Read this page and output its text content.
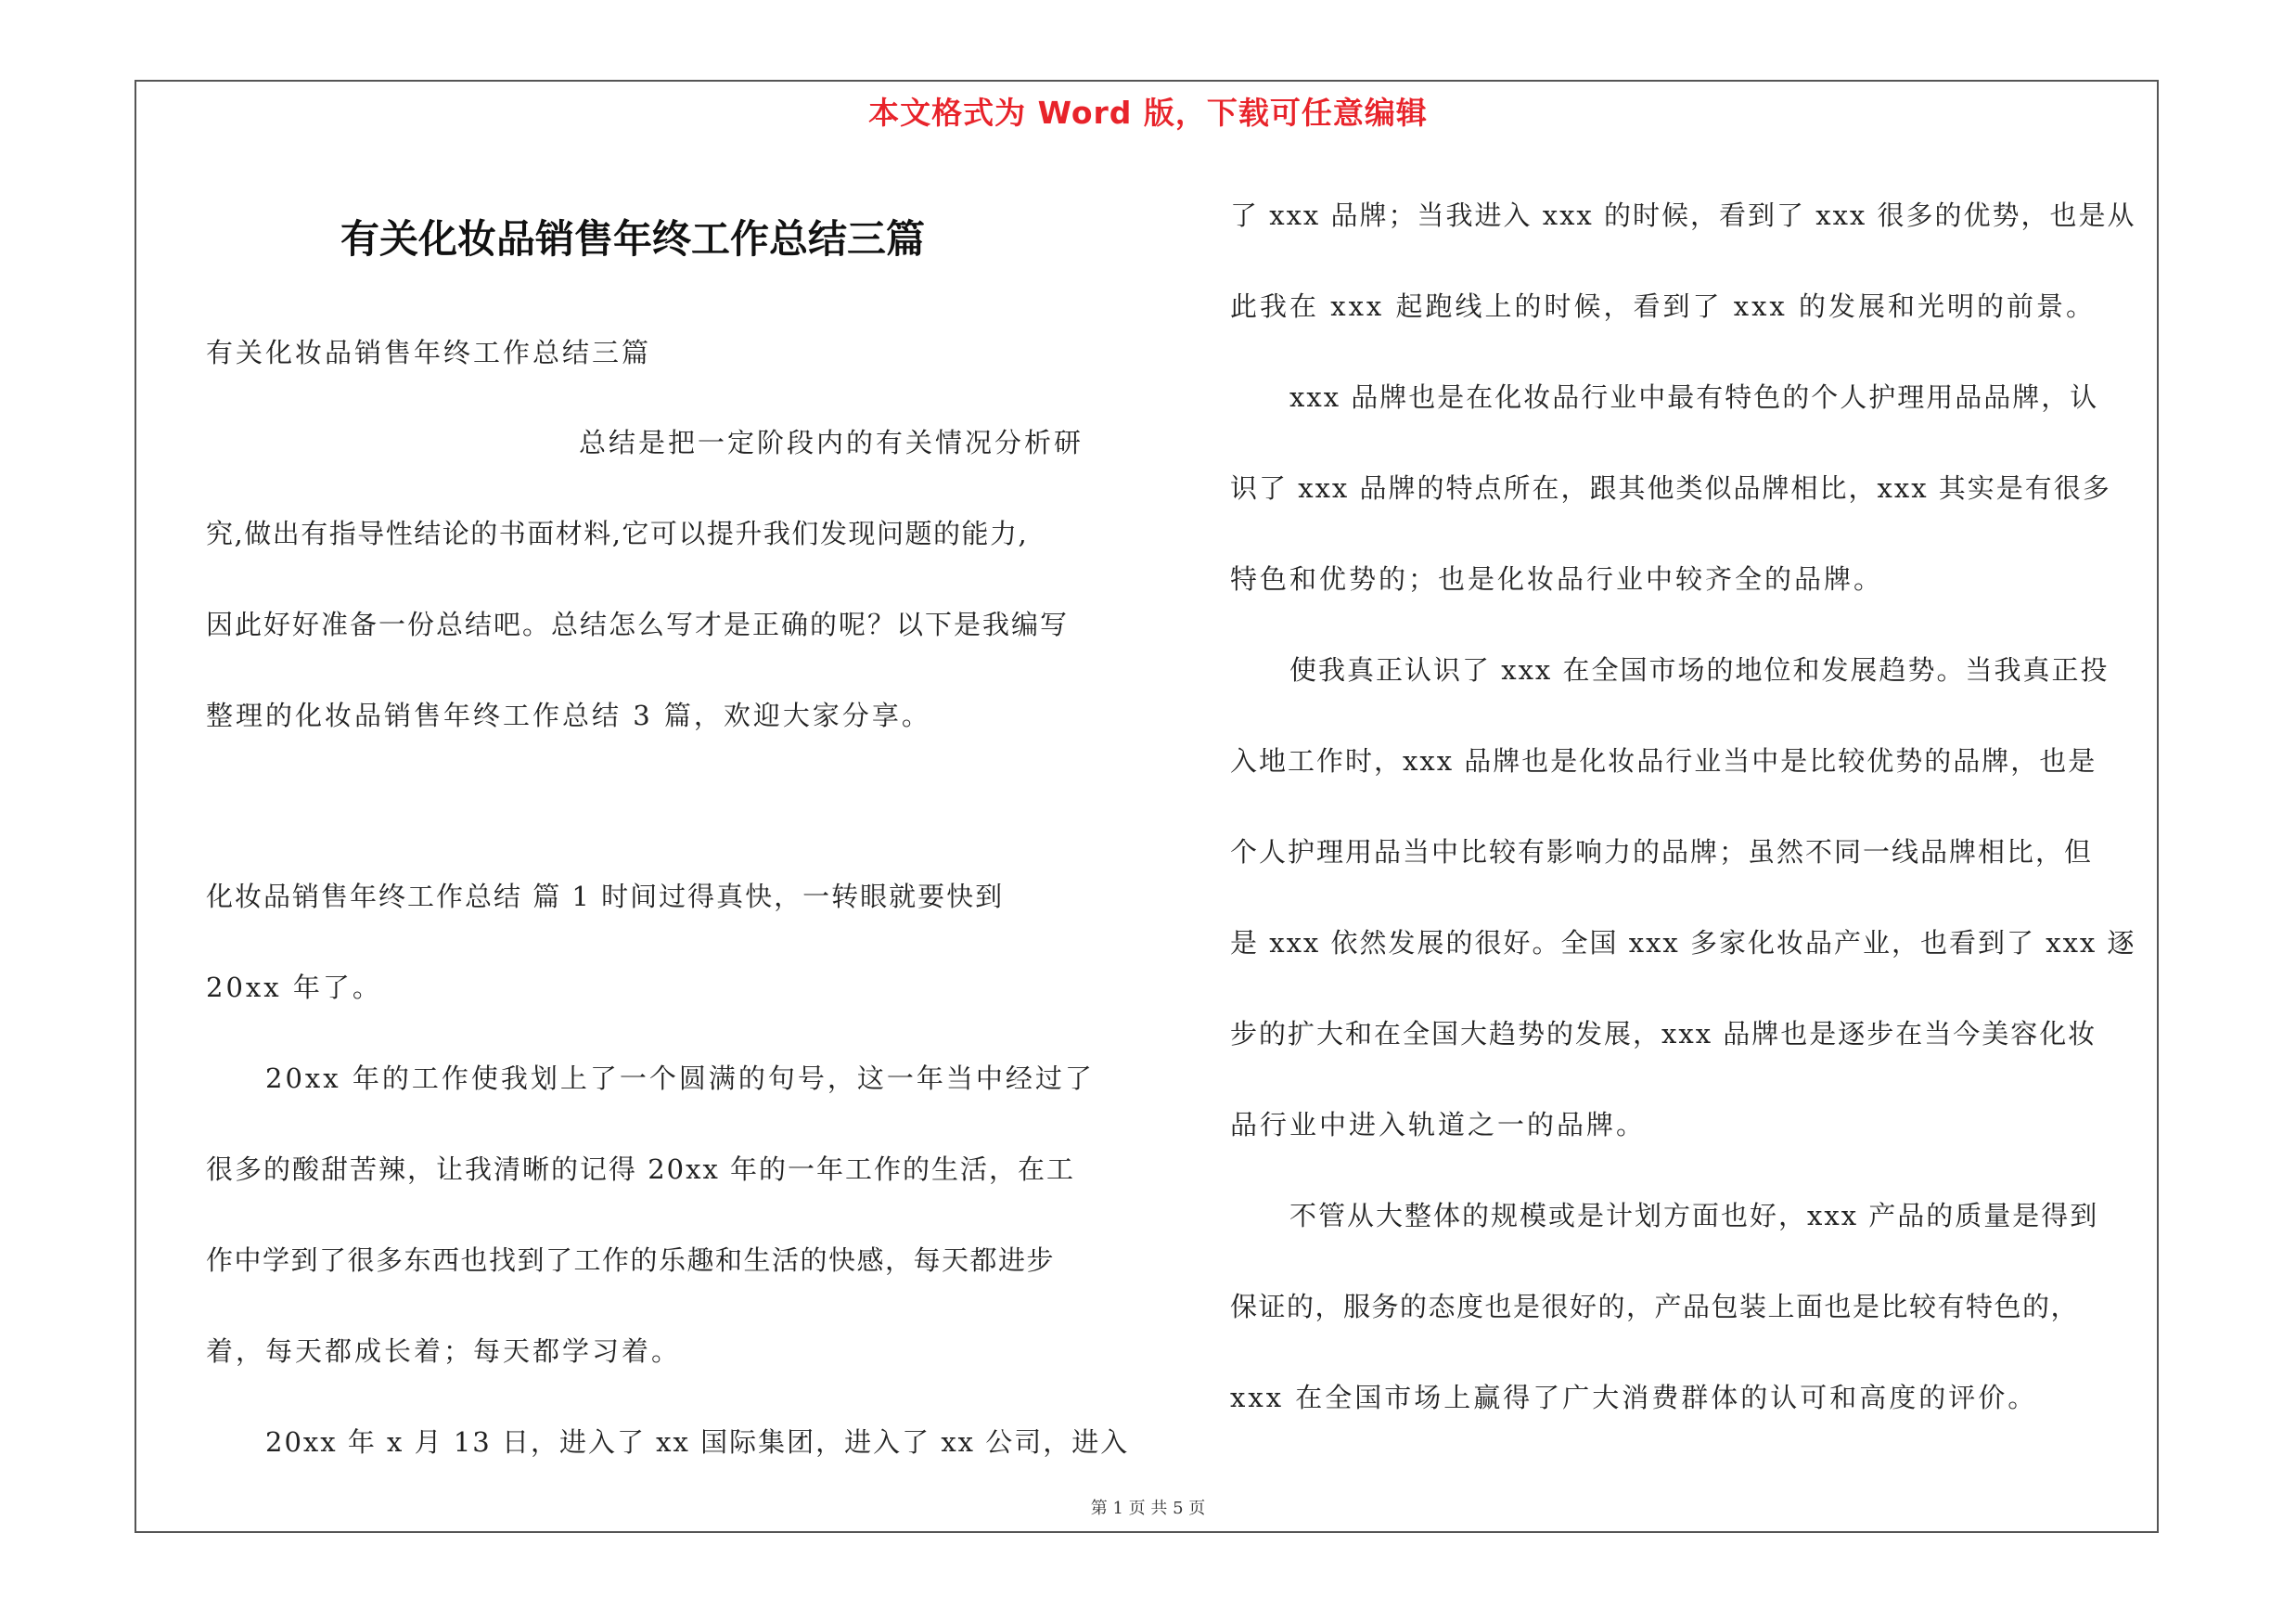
本文格式为 Word 版，下载可任意编辑
有关化妆品销售年终工作总结三篇
有关化妆品销售年终工作总结三篇
总结是把一定阶段内的有关情况分析研
究,做出有指导性结论的书面材料,它可以提升我们发现问题的能力,
因此好好准备一份总结吧。总结怎么写才是正确的呢？以下是我编写
整理的化妆品销售年终工作总结 3 篇，欢迎大家分享。
化妆品销售年终工作总结 篇 1 时间过得真快，一转眼就要快到
20xx 年了。
20xx 年的工作使我划上了一个圆满的句号，这一年当中经过了
很多的酸甜苦辣，让我清晰的记得 20xx 年的一年工作的生活，在工
作中学到了很多东西也找到了工作的乐趣和生活的快感，每天都进步
着，每天都成长着；每天都学习着。
20xx 年 x 月 13 日，进入了 xx 国际集团，进入了 xx 公司，进入
了 xxx 品牌；当我进入 xxx 的时候，看到了 xxx 很多的优势，也是从
此我在 xxx 起跑线上的时候，看到了 xxx 的发展和光明的前景。
xxx 品牌也是在化妆品行业中最有特色的个人护理用品品牌，认
识了 xxx 品牌的特点所在，跟其他类似品牌相比，xxx 其实是有很多
特色和优势的；也是化妆品行业中较齐全的品牌。
使我真正认识了 xxx 在全国市场的地位和发展趋势。当我真正投
入地工作时，xxx 品牌也是化妆品行业当中是比较优势的品牌，也是
个人护理用品当中比较有影响力的品牌；虽然不同一线品牌相比，但
是 xxx 依然发展的很好。全国 xxx 多家化妆品产业，也看到了 xxx 逐
步的扩大和在全国大趋势的发展，xxx 品牌也是逐步在当今美容化妆
品行业中进入轨道之一的品牌。
不管从大整体的规模或是计划方面也好，xxx 产品的质量是得到
保证的，服务的态度也是很好的，产品包装上面也是比较有特色的，
xxx 在全国市场上赢得了广大消费群体的认可和高度的评价。
第 1 页 共 5 页
